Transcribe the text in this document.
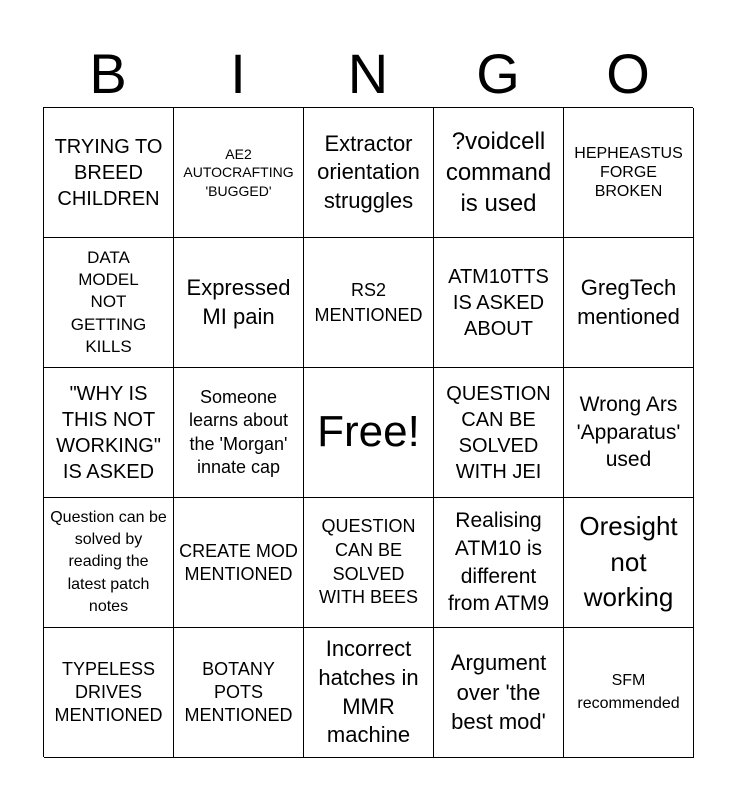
B	I	N	G	O
TRYING TO BREED CHILDREN
AE2 AUTOCRAFTING 'BUGGED'
Extractor orientation struggles
?voidcell command is used
HEPHEASTUS FORGE BROKEN
DATA MODEL NOT GETTING KILLS
Expressed MI pain
RS2 MENTIONED
ATM10TTS IS ASKED ABOUT
GregTech mentioned
"WHY IS THIS NOT WORKING" IS ASKED
Someone learns about the 'Morgan' innate cap
Free!
QUESTION CAN BE SOLVED WITH JEI
Wrong Ars 'Apparatus' used
Question can be solved by reading the latest patch notes
CREATE MOD MENTIONED
QUESTION CAN BE SOLVED WITH BEES
Realising ATM10 is different from ATM9
Oresight not working
TYPELESS DRIVES MENTIONED
BOTANY POTS MENTIONED
Incorrect hatches in MMR machine
Argument over 'the best mod'
SFM recommended
